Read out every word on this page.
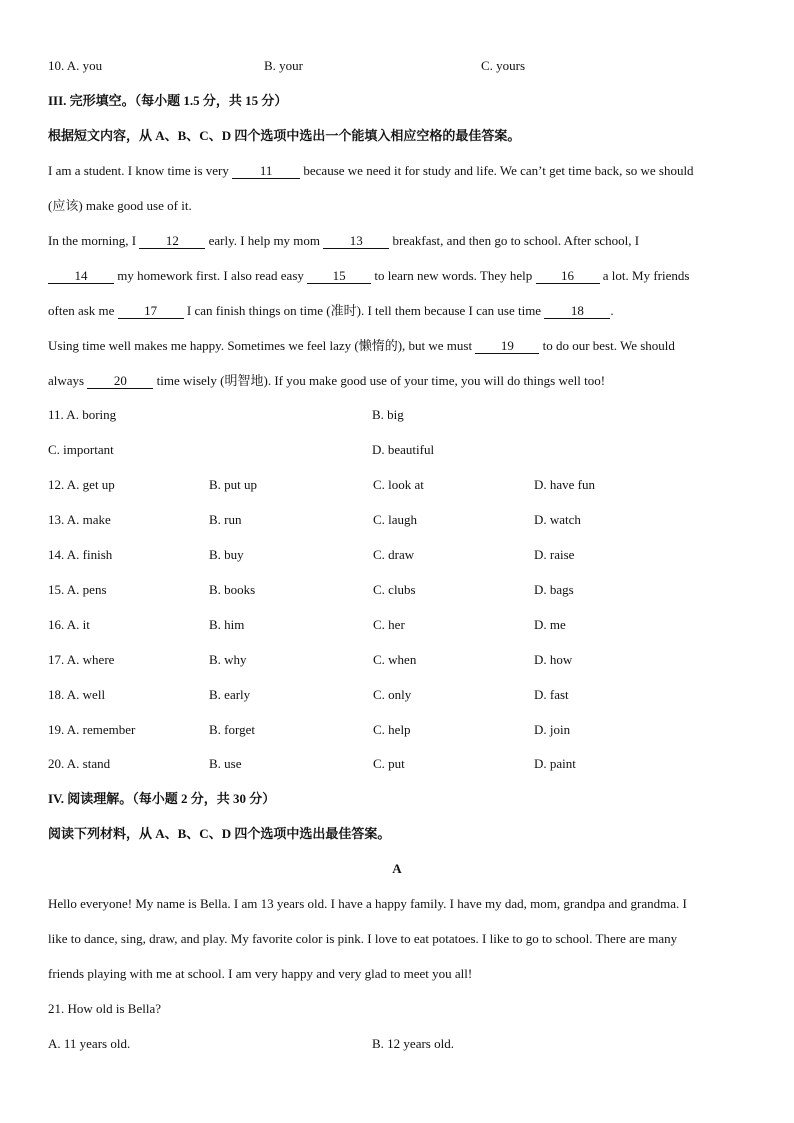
10. A. you	B. your	C. yours
III. 完形填空。（每小题 1.5 分，共 15 分）
根据短文内容，从 A、B、C、D 四个选项中选出一个能填入相应空格的最佳答案。
I am a student. I know time is very 11 because we need it for study and life. We can’t get time back, so we should
(应该) make good use of it.
In the morning, I 12 early. I help my mom 13 breakfast, and then go to school. After school, I
14 my homework first. I also read easy 15 to learn new words. They help 16 a lot. My friends
often ask me 17 I can finish things on time (准时). I tell them because I can use time 18 .
Using time well makes me happy. Sometimes we feel lazy (懒惰的), but we must 19 to do our best. We should
always 20 time wisely (明智地). If you make good use of your time, you will do things well too!
11. A. boring	B. big
C. important	D. beautiful
12. A. get up	B. put up	C. look at	D. have fun
13. A. make	B. run	C. laugh	D. watch
14. A. finish	B. buy	C. draw	D. raise
15. A. pens	B. books	C. clubs	D. bags
16. A. it	B. him	C. her	D. me
17. A. where	B. why	C. when	D. how
18. A. well	B. early	C. only	D. fast
19. A. remember	B. forget	C. help	D. join
20. A. stand	B. use	C. put	D. paint
IV. 阅读理解。（每小题 2 分，共 30 分）
阅读下列材料，从 A、B、C、D 四个选项中选出最佳答案。
A
Hello everyone! My name is Bella. I am 13 years old. I have a happy family. I have my dad, mom, grandpa and grandma. I
like to dance, sing, draw, and play. My favorite color is pink. I love to eat potatoes. I like to go to school. There are many
friends playing with me at school. I am very happy and very glad to meet you all!
21. How old is Bella?
A. 11 years old.	B. 12 years old.
